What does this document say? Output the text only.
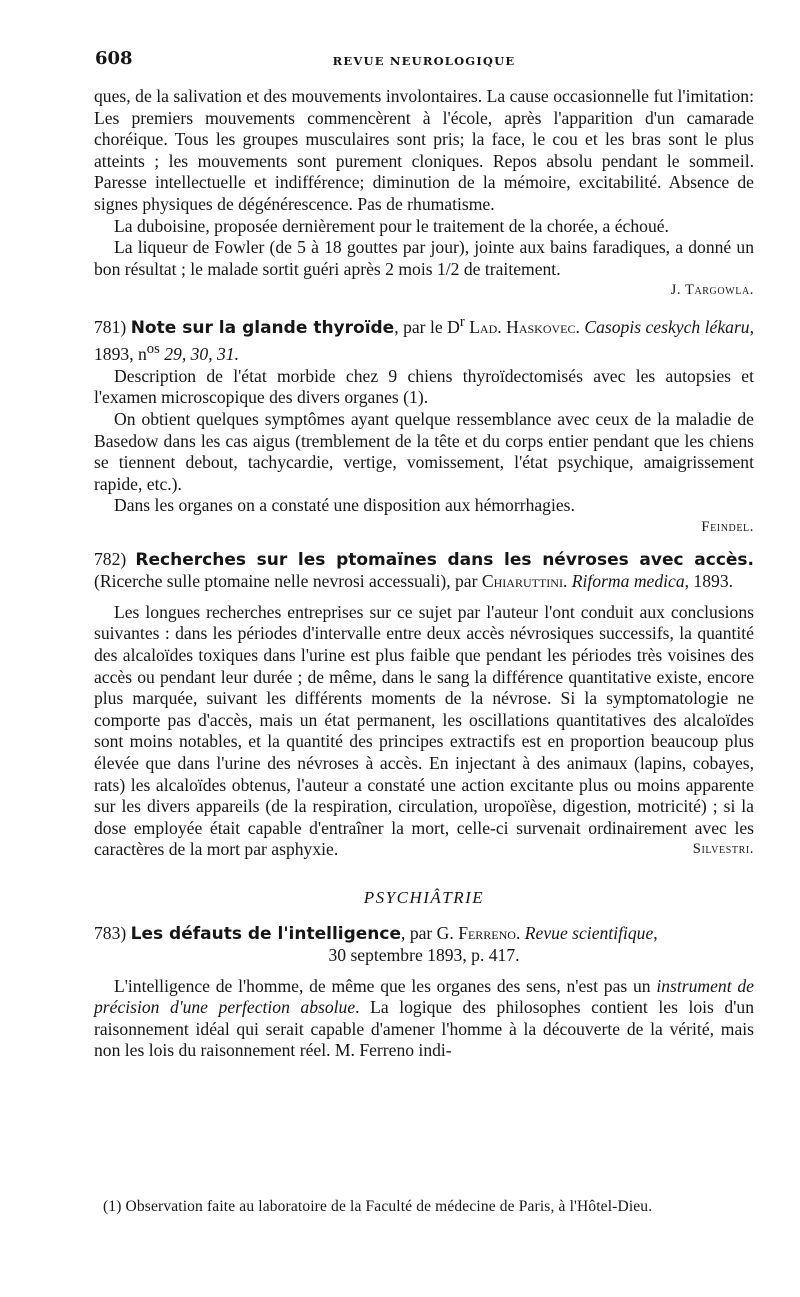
608	REVUE NEUROLOGIQUE

ques, de la salivation et des mouvements involontaires. La cause occasionnelle fut l'imitation: Les premiers mouvements commencèrent à l'école, après l'apparition d'un camarade choréique. Tous les groupes musculaires sont pris; la face, le cou et les bras sont le plus atteints ; les mouvements sont purement cloniques. Repos absolu pendant le sommeil. Paresse intellectuelle et indifférence; diminution de la mémoire, excitabilité. Absence de signes physiques de dégénérescence. Pas de rhumatisme.

La duboisine, proposée dernièrement pour le traitement de la chorée, a échoué.

La liqueur de Fowler (de 5 à 18 gouttes par jour), jointe aux bains faradiques, a donné un bon résultat ; le malade sortit guéri après 2 mois 1/2 de traitement.

J. Targowla.

781) Note sur la glande thyroïde, par le $D^r$ Lad. Haskovec. Casopis ceskych lékaru, 1893, $n^{os}$ 29, 30, 31.

Description de l'état morbide chez 9 chiens thyroïdectomisés avec les autopsies et l'examen microscopique des divers organes (1).

On obtient quelques symptômes ayant quelque ressemblance avec ceux de la maladie de Basedow dans les cas aigus (tremblement de la tête et du corps entier pendant que les chiens se tiennent debout, tachycardie, vertige, vomissement, l'état psychique, amaigrissement rapide, etc.).

Dans les organes on a constaté une disposition aux hémorrhagies.

Feindel.

782) Recherches sur les ptomaïnes dans les névroses avec accès. (Ricerche sulle ptomaine nelle nevrosi accessuali), par Chiaruttini. Riforma medica, 1893.

Les longues recherches entreprises sur ce sujet par l'auteur l'ont conduit aux conclusions suivantes : dans les périodes d'intervalle entre deux accès névrosiques successifs, la quantité des alcaloïdes toxiques dans l'urine est plus faible que pendant les périodes très voisines des accès ou pendant leur durée ; de même, dans le sang la différence quantitative existe, encore plus marquée, suivant les différents moments de la névrose. Si la symptomatologie ne comporte pas d'accès, mais un état permanent, les oscillations quantitatives des alcaloïdes sont moins notables, et la quantité des principes extractifs est en proportion beaucoup plus élevée que dans l'urine des névroses à accès. En injectant à des animaux (lapins, cobayes, rats) les alcaloïdes obtenus, l'auteur a constaté une action excitante plus ou moins apparente sur les divers appareils (de la respiration, circulation, uropoïèse, digestion, motricité) ; si la dose employée était capable d'entraîner la mort, celle-ci survenait ordinairement avec les caractères de la mort par asphyxie.	Silvestri.

PSYCHIÂTRIE

783) Les défauts de l'intelligence, par G. Ferreno. Revue scientifique,

30 septembre 1893, p. 417.

L'intelligence de l'homme, de même que les organes des sens, n'est pas un instrument de précision d'une perfection absolue. La logique des philosophes contient les lois d'un raisonnement idéal qui serait capable d'amener l'homme à la découverte de la vérité, mais non les lois du raisonnement réel. M. Ferreno indi-

(1) Observation faite au laboratoire de la Faculté de médecine de Paris, à l'Hôtel-Dieu.
